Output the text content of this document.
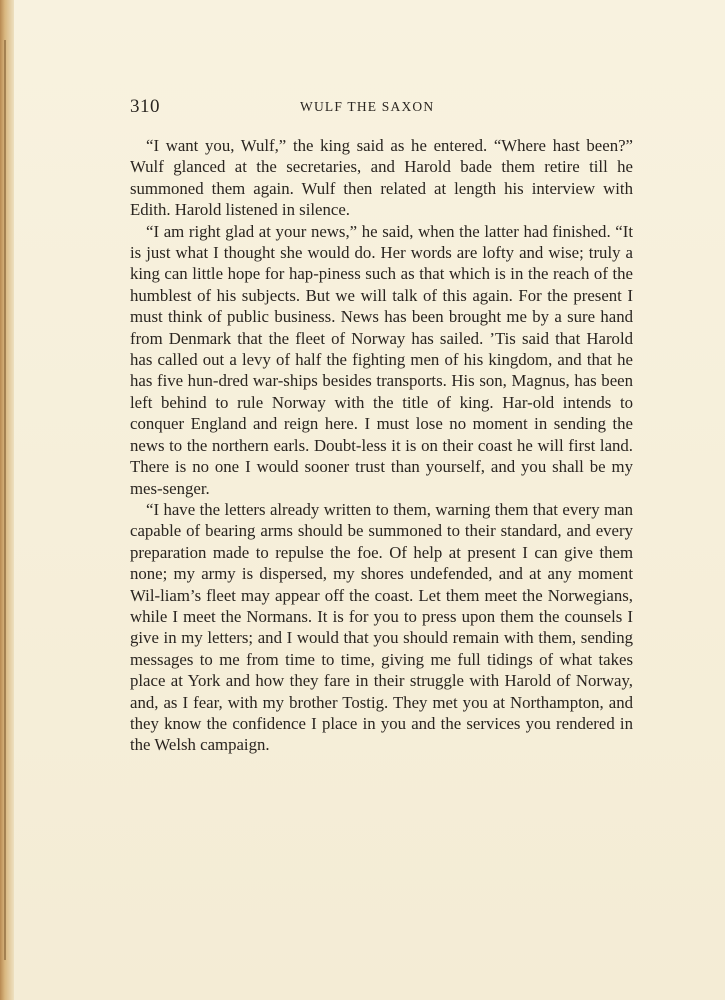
310	WULF THE SAXON

“I want you, Wulf,” the king said as he entered. “Where hast been?” Wulf glanced at the secretaries, and Harold bade them retire till he summoned them again. Wulf then related at length his interview with Edith. Harold listened in silence.

“I am right glad at your news,” he said, when the latter had finished. “It is just what I thought she would do. Her words are lofty and wise; truly a king can little hope for hap-piness such as that which is in the reach of the humblest of his subjects. But we will talk of this again. For the present I must think of public business. News has been brought me by a sure hand from Denmark that the fleet of Norway has sailed. ’Tis said that Harold has called out a levy of half the fighting men of his kingdom, and that he has five hun-dred war-ships besides transports. His son, Magnus, has been left behind to rule Norway with the title of king. Har-old intends to conquer England and reign here. I must lose no moment in sending the news to the northern earls. Doubt-less it is on their coast he will first land. There is no one I would sooner trust than yourself, and you shall be my mes-senger.

“I have the letters already written to them, warning them that every man capable of bearing arms should be summoned to their standard, and every preparation made to repulse the foe. Of help at present I can give them none; my army is dispersed, my shores undefended, and at any moment Wil-liam’s fleet may appear off the coast. Let them meet the Norwegians, while I meet the Normans. It is for you to press upon them the counsels I give in my letters; and I would that you should remain with them, sending messages to me from time to time, giving me full tidings of what takes place at York and how they fare in their struggle with Harold of Norway, and, as I fear, with my brother Tostig. They met you at Northampton, and they know the confidence I place in you and the services you rendered in the Welsh campaign.
